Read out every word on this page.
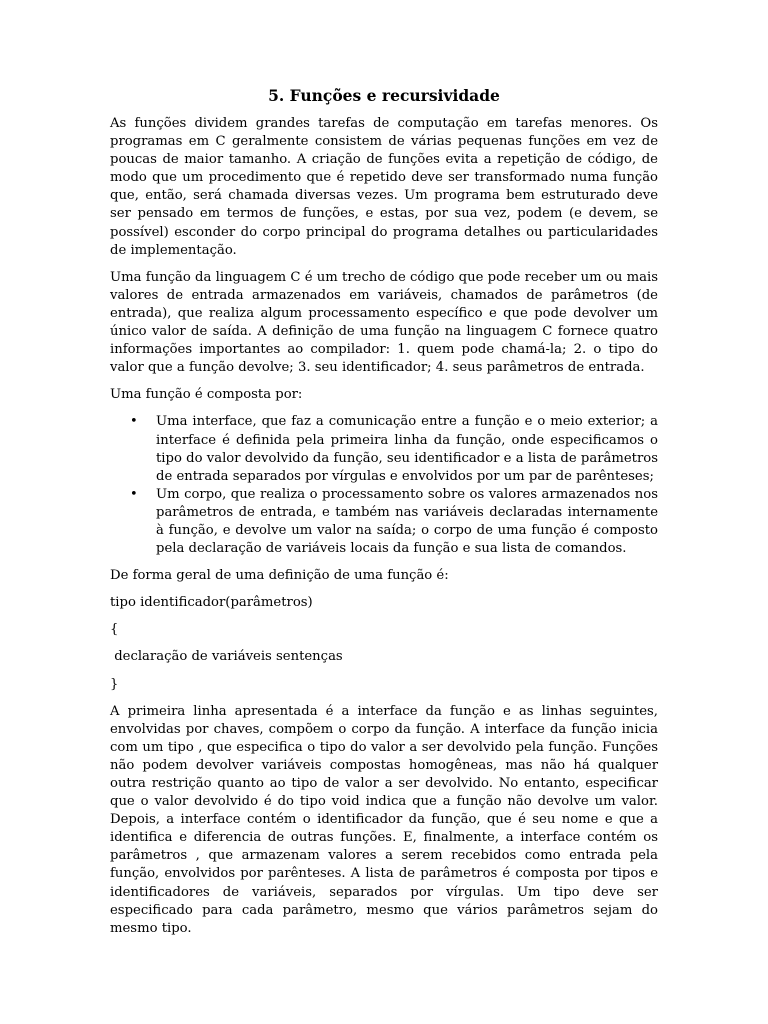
5. Funções e recursividade

As funções dividem grandes tarefas de computação em tarefas menores. Os programas em C geralmente consistem de várias pequenas funções em vez de poucas de maior tamanho. A criação de funções evita a repetição de código, de modo que um procedimento que é repetido deve ser transformado numa função que, então, será chamada diversas vezes. Um programa bem estruturado deve ser pensado em termos de funções, e estas, por sua vez, podem (e devem, se possível) esconder do corpo principal do programa detalhes ou particularidades de implementação.

Uma função da linguagem C é um trecho de código que pode receber um ou mais valores de entrada armazenados em variáveis, chamados de parâmetros (de entrada), que realiza algum processamento específico e que pode devolver um único valor de saída. A definição de uma função na linguagem C fornece quatro informações importantes ao compilador: 1. quem pode chamá-la; 2. o tipo do valor que a função devolve; 3. seu identificador; 4. seus parâmetros de entrada.

Uma função é composta por:

• Uma interface, que faz a comunicação entre a função e o meio exterior; a interface é definida pela primeira linha da função, onde especificamos o tipo do valor devolvido da função, seu identificador e a lista de parâmetros de entrada separados por vírgulas e envolvidos por um par de parênteses;
• Um corpo, que realiza o processamento sobre os valores armazenados nos parâmetros de entrada, e também nas variáveis declaradas internamente à função, e devolve um valor na saída; o corpo de uma função é composto pela declaração de variáveis locais da função e sua lista de comandos.

De forma geral de uma definição de uma função é:

tipo identificador(parâmetros)
{
declaração de variáveis sentenças
}

A primeira linha apresentada é a interface da função e as linhas seguintes, envolvidas por chaves, compõem o corpo da função. A interface da função inicia com um tipo , que especifica o tipo do valor a ser devolvido pela função. Funções não podem devolver variáveis compostas homogêneas, mas não há qualquer outra restrição quanto ao tipo de valor a ser devolvido. No entanto, especificar que o valor devolvido é do tipo void indica que a função não devolve um valor. Depois, a interface contém o identificador da função, que é seu nome e que a identifica e diferencia de outras funções. E, finalmente, a interface contém os parâmetros , que armazenam valores a serem recebidos como entrada pela função, envolvidos por parênteses. A lista de parâmetros é composta por tipos e identificadores de variáveis, separados por vírgulas. Um tipo deve ser especificado para cada parâmetro, mesmo que vários parâmetros sejam do mesmo tipo.
